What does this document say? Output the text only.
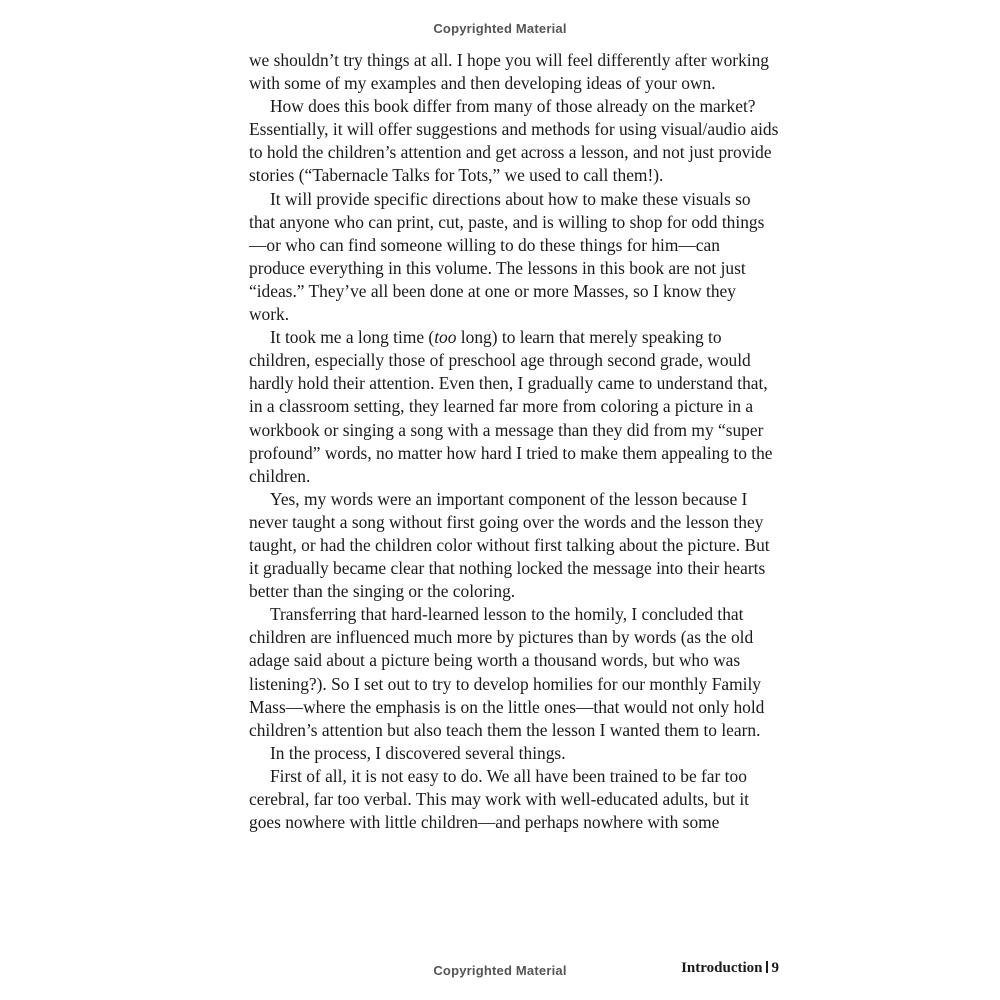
Copyrighted Material

we shouldn’t try things at all. I hope you will feel differently after working with some of my examples and then developing ideas of your own.

How does this book differ from many of those already on the market? Essentially, it will offer suggestions and methods for using visual/audio aids to hold the children’s attention and get across a lesson, and not just provide stories (“Tabernacle Talks for Tots,” we used to call them!).

It will provide specific directions about how to make these visuals so that anyone who can print, cut, paste, and is willing to shop for odd things—or who can find someone willing to do these things for him—can produce everything in this volume. The lessons in this book are not just “ideas.” They’ve all been done at one or more Masses, so I know they work.

It took me a long time (too long) to learn that merely speaking to children, especially those of preschool age through second grade, would hardly hold their attention. Even then, I gradually came to understand that, in a classroom setting, they learned far more from coloring a picture in a workbook or singing a song with a message than they did from my “super profound” words, no matter how hard I tried to make them appealing to the children.

Yes, my words were an important component of the lesson because I never taught a song without first going over the words and the lesson they taught, or had the children color without first talking about the picture. But it gradually became clear that nothing locked the message into their hearts better than the singing or the coloring.

Transferring that hard-learned lesson to the homily, I concluded that children are influenced much more by pictures than by words (as the old adage said about a picture being worth a thousand words, but who was listening?). So I set out to try to develop homilies for our monthly Family Mass—where the emphasis is on the little ones—that would not only hold children’s attention but also teach them the lesson I wanted them to learn.

In the process, I discovered several things.

First of all, it is not easy to do. We all have been trained to be far too cerebral, far too verbal. This may work with well-educated adults, but it goes nowhere with little children—and perhaps nowhere with some

Copyrighted Material	Introduction 9
